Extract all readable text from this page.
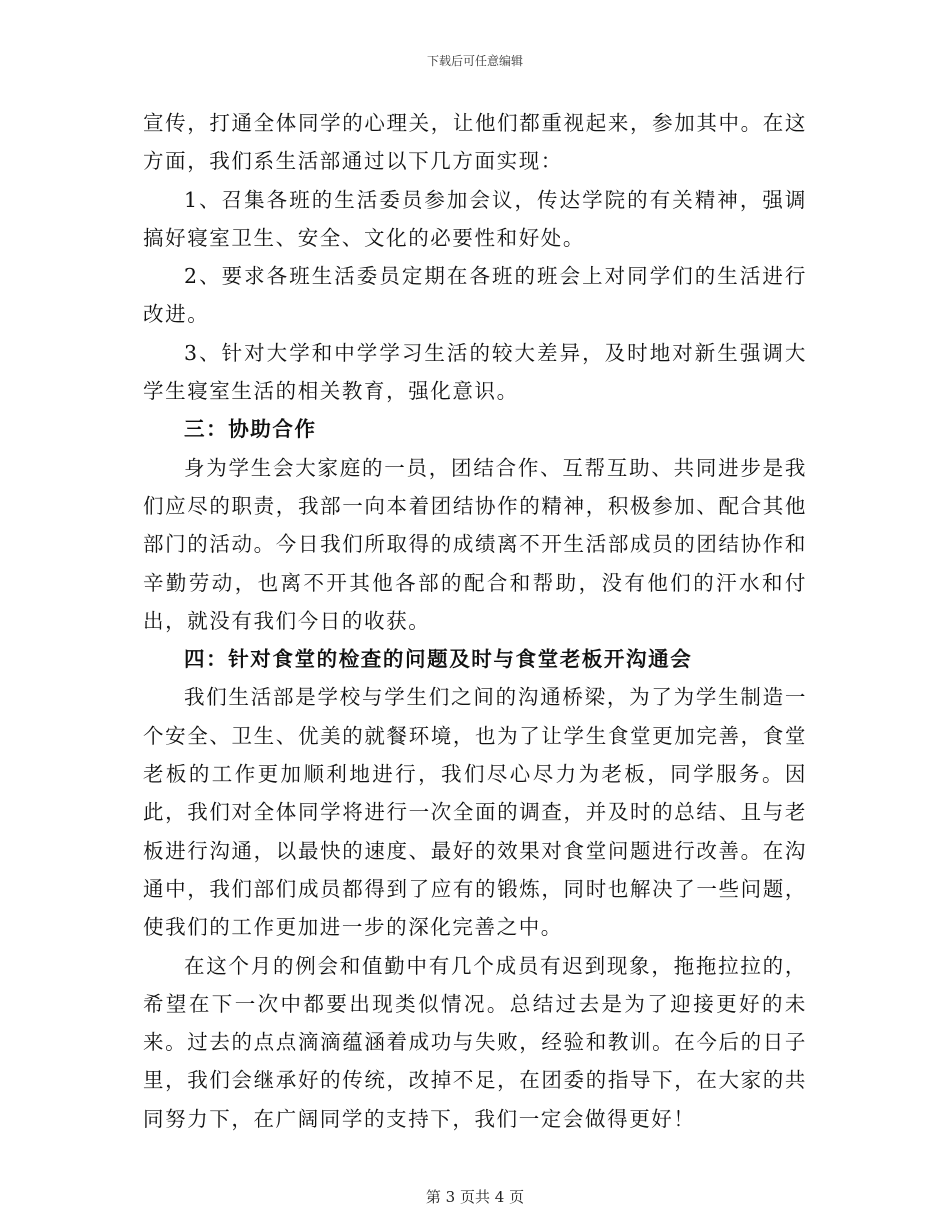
下载后可任意编辑

宣传，打通全体同学的心理关，让他们都重视起来，参加其中。在这方面，我们系生活部通过以下几方面实现：

1、召集各班的生活委员参加会议，传达学院的有关精神，强调搞好寝室卫生、安全、文化的必要性和好处。

2、要求各班生活委员定期在各班的班会上对同学们的生活进行改进。

3、针对大学和中学学习生活的较大差异，及时地对新生强调大学生寝室生活的相关教育，强化意识。

三：协助合作

身为学生会大家庭的一员，团结合作、互帮互助、共同进步是我们应尽的职责，我部一向本着团结协作的精神，积极参加、配合其他部门的活动。今日我们所取得的成绩离不开生活部成员的团结协作和辛勤劳动，也离不开其他各部的配合和帮助，没有他们的汗水和付出，就没有我们今日的收获。

四：针对食堂的检查的问题及时与食堂老板开沟通会

我们生活部是学校与学生们之间的沟通桥梁，为了为学生制造一个安全、卫生、优美的就餐环境，也为了让学生食堂更加完善，食堂老板的工作更加顺利地进行，我们尽心尽力为老板，同学服务。因此，我们对全体同学将进行一次全面的调查，并及时的总结、且与老板进行沟通，以最快的速度、最好的效果对食堂问题进行改善。在沟通中，我们部们成员都得到了应有的锻炼，同时也解决了一些问题，使我们的工作更加进一步的深化完善之中。

在这个月的例会和值勤中有几个成员有迟到现象，拖拖拉拉的，希望在下一次中都要出现类似情况。总结过去是为了迎接更好的未来。过去的点点滴滴蕴涵着成功与失败，经验和教训。在今后的日子里，我们会继承好的传统，改掉不足，在团委的指导下，在大家的共同努力下，在广阔同学的支持下，我们一定会做得更好！

第 3 页共 4 页
